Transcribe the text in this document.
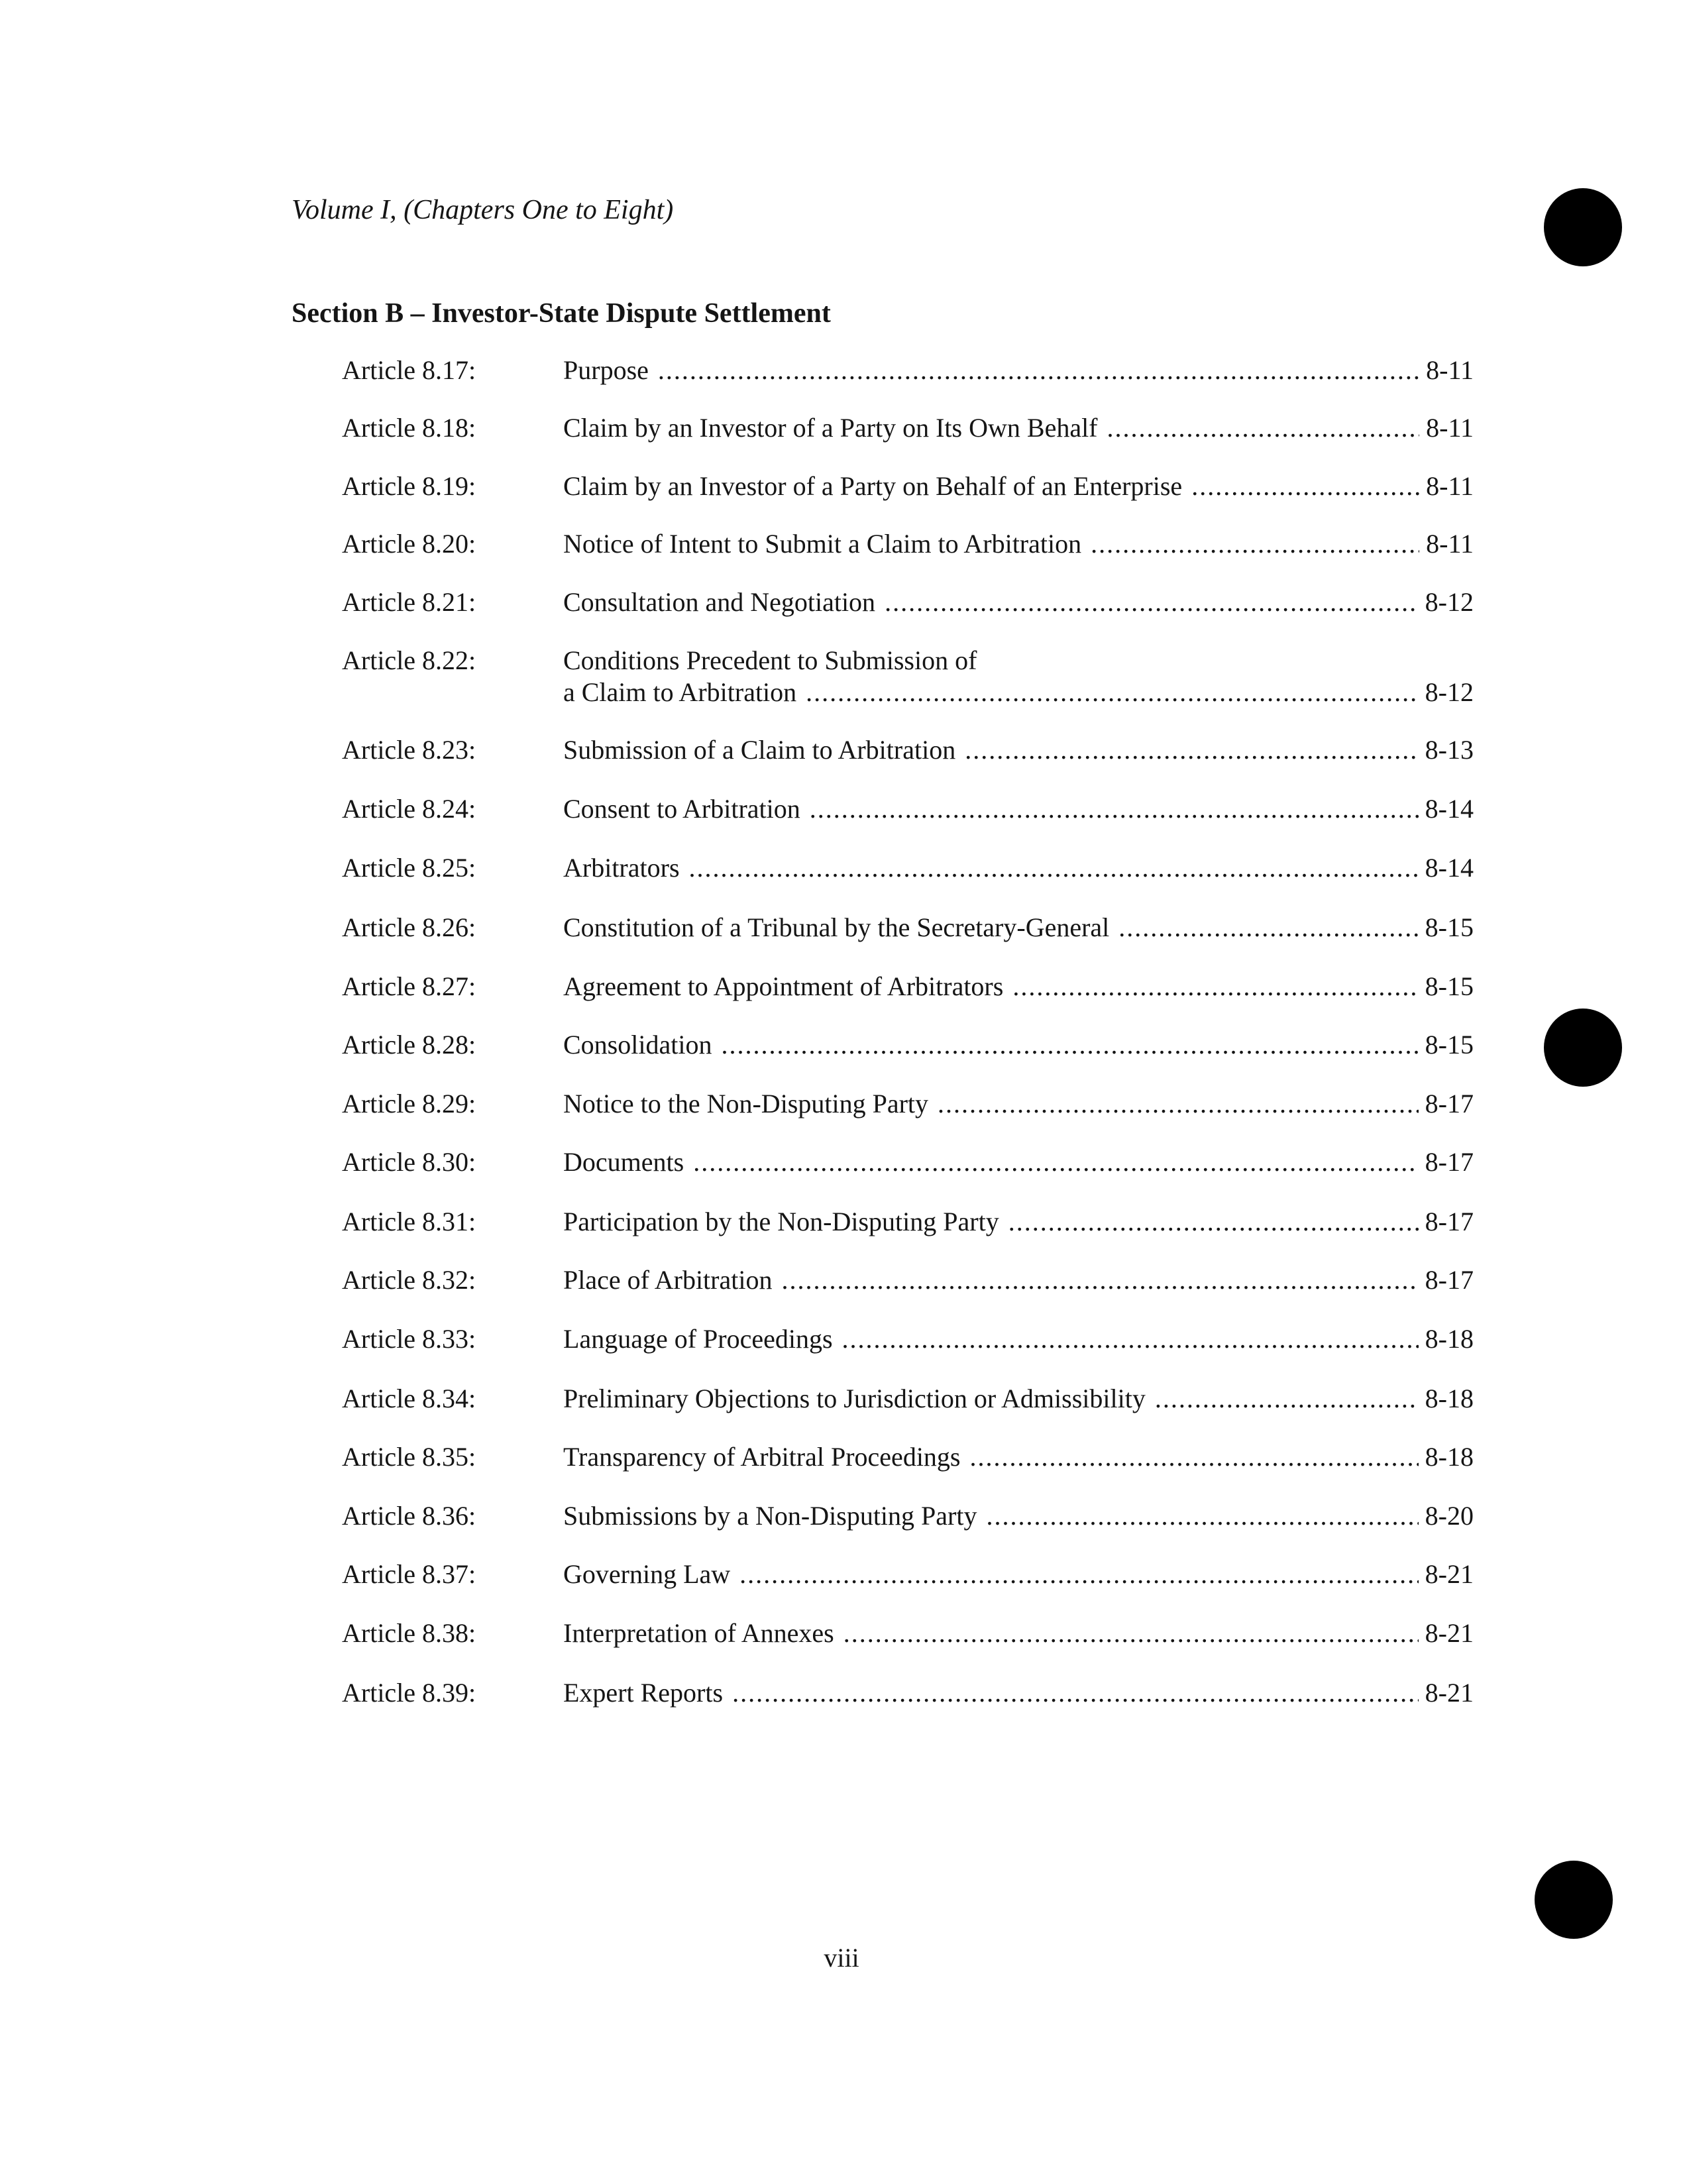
Volume I, (Chapters One to Eight)
Section B – Investor-State Dispute Settlement
Article 8.17:	Purpose .....	8-11
Article 8.18:	Claim by an Investor of a Party on Its Own Behalf .....	8-11
Article 8.19:	Claim by an Investor of a Party on Behalf of an Enterprise .....	8-11
Article 8.20:	Notice of Intent to Submit a Claim to Arbitration .....	8-11
Article 8.21:	Consultation and Negotiation .....	8-12
Article 8.22:	Conditions Precedent to Submission of
a Claim to Arbitration .....	8-12
Article 8.23:	Submission of a Claim to Arbitration .....	8-13
Article 8.24:	Consent to Arbitration .....	8-14
Article 8.25:	Arbitrators .....	8-14
Article 8.26:	Constitution of a Tribunal by the Secretary-General .....	8-15
Article 8.27:	Agreement to Appointment of Arbitrators .....	8-15
Article 8.28:	Consolidation .....	8-15
Article 8.29:	Notice to the Non-Disputing Party .....	8-17
Article 8.30:	Documents .....	8-17
Article 8.31:	Participation by the Non-Disputing Party .....	8-17
Article 8.32:	Place of Arbitration .....	8-17
Article 8.33:	Language of Proceedings .....	8-18
Article 8.34:	Preliminary Objections to Jurisdiction or Admissibility .....	8-18
Article 8.35:	Transparency of Arbitral Proceedings .....	8-18
Article 8.36:	Submissions by a Non-Disputing Party .....	8-20
Article 8.37:	Governing Law .....	8-21
Article 8.38:	Interpretation of Annexes .....	8-21
Article 8.39:	Expert Reports .....	8-21
viii
